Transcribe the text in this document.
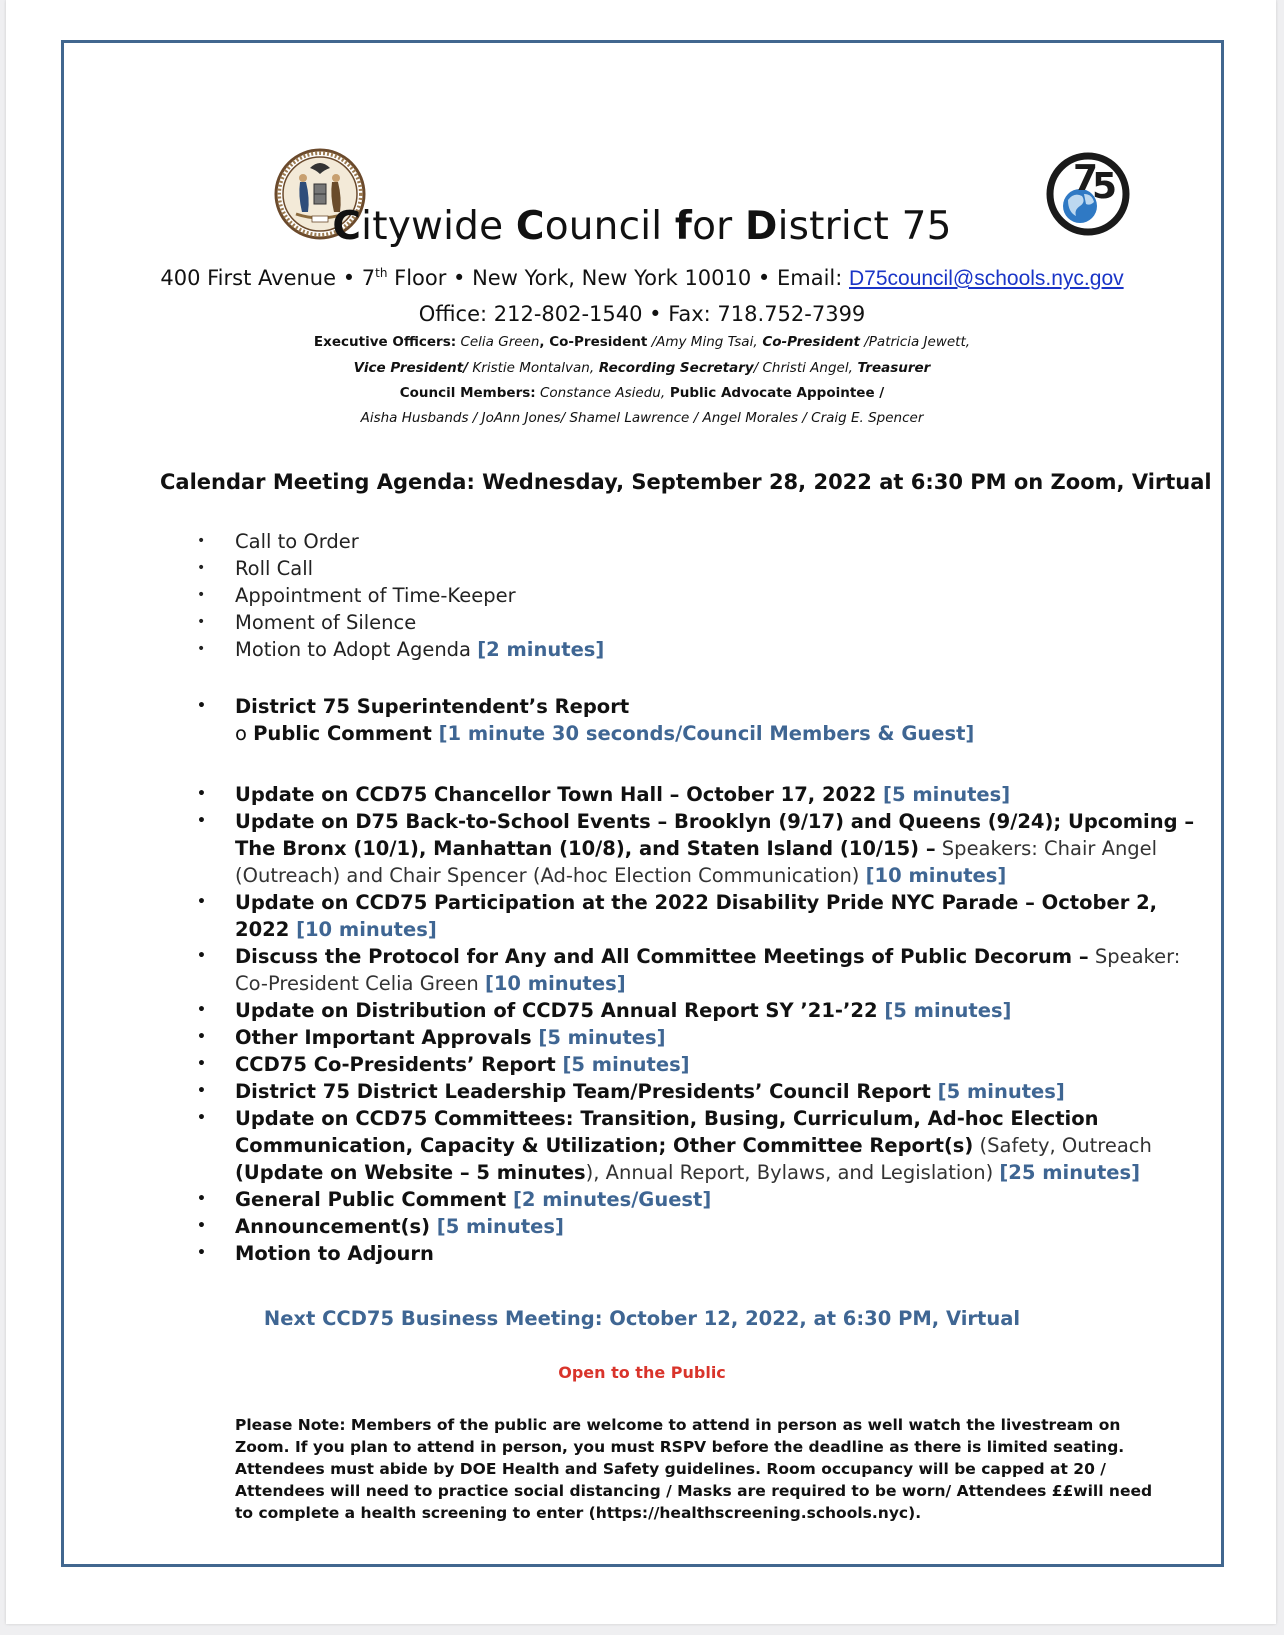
7
5
Citywide Council for District 75
400 First Avenue • 7th Floor • New York, New York 10010 • Email: D75council@schools.nyc.gov
Office: 212-802-1540 • Fax: 718.752-7399
Executive Officers: Celia Green, Co-President /Amy Ming Tsai, Co-President /Patricia Jewett,
Vice President/ Kristie Montalvan, Recording Secretary/ Christi Angel, Treasurer
Council Members: Constance Asiedu, Public Advocate Appointee /
Aisha Husbands / JoAnn Jones/ Shamel Lawrence / Angel Morales / Craig E. Spencer
Calendar Meeting Agenda: Wednesday, September 28, 2022 at 6:30 PM on Zoom, Virtual
• Call to Order
• Roll Call
• Appointment of Time-Keeper
• Moment of Silence
• Motion to Adopt Agenda [2 minutes]
• District 75 Superintendent’s Report
o Public Comment [1 minute 30 seconds/Council Members & Guest]
• Update on CCD75 Chancellor Town Hall – October 17, 2022 [5 minutes]
• Update on D75 Back-to-School Events – Brooklyn (9/17) and Queens (9/24); Upcoming – The Bronx (10/1), Manhattan (10/8), and Staten Island (10/15) – Speakers: Chair Angel (Outreach) and Chair Spencer (Ad-hoc Election Communication) [10 minutes]
• Update on CCD75 Participation at the 2022 Disability Pride NYC Parade – October 2, 2022 [10 minutes]
• Discuss the Protocol for Any and All Committee Meetings of Public Decorum – Speaker: Co-President Celia Green [10 minutes]
• Update on Distribution of CCD75 Annual Report SY ’21-’22 [5 minutes]
• Other Important Approvals [5 minutes]
• CCD75 Co-Presidents’ Report [5 minutes]
• District 75 District Leadership Team/Presidents’ Council Report [5 minutes]
• Update on CCD75 Committees: Transition, Busing, Curriculum, Ad-hoc Election Communication, Capacity & Utilization; Other Committee Report(s) (Safety, Outreach (Update on Website – 5 minutes), Annual Report, Bylaws, and Legislation) [25 minutes]
• General Public Comment [2 minutes/Guest]
• Announcement(s) [5 minutes]
• Motion to Adjourn
Next CCD75 Business Meeting: October 12, 2022, at 6:30 PM, Virtual
Open to the Public
Please Note: Members of the public are welcome to attend in person as well watch the livestream on Zoom. If you plan to attend in person, you must RSPV before the deadline as there is limited seating. Attendees must abide by DOE Health and Safety guidelines. Room occupancy will be capped at 20 / Attendees will need to practice social distancing / Masks are required to be worn/ Attendees ££will need to complete a health screening to enter (https://healthscreening.schools.nyc).
